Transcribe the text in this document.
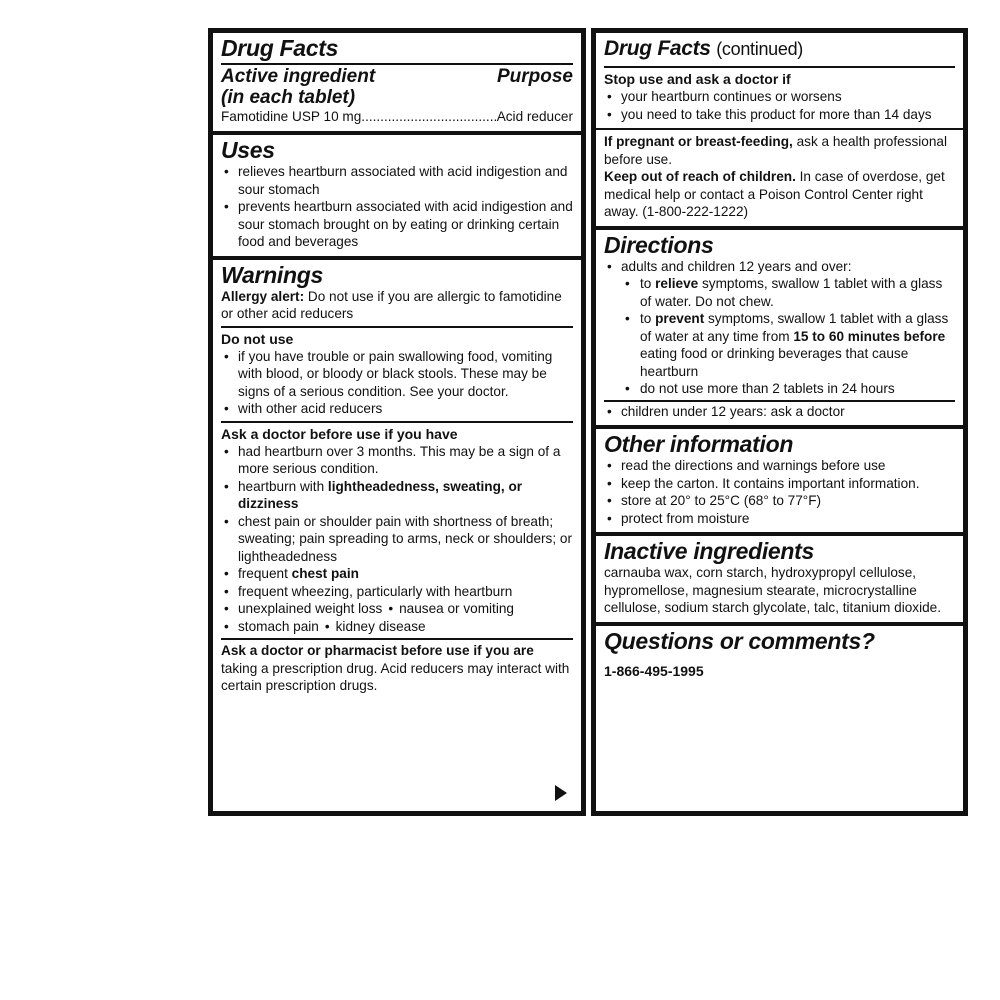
Drug Facts
Active ingredient	Purpose
(in each tablet)
Famotidine USP 10 mg
.....	Acid reducer
Uses
• relieves heartburn associated with acid indigestion and sour stomach
• prevents heartburn associated with acid indigestion and sour stomach brought on by eating or drinking certain food and beverages
Warnings
Allergy alert: Do not use if you are allergic to famotidine or other acid reducers
Do not use
• if you have trouble or pain swallowing food, vomiting with blood, or bloody or black stools. These may be signs of a serious condition. See your doctor.
• with other acid reducers
Ask a doctor before use if you have
• had heartburn over 3 months. This may be a sign of a more serious condition.
• heartburn with lightheadedness, sweating, or dizziness
• chest pain or shoulder pain with shortness of breath; sweating; pain spreading to arms, neck or shoulders; or lightheadedness
• frequent chest pain
• frequent wheezing, particularly with heartburn
• unexplained weight loss • nausea or vomiting
• stomach pain • kidney disease
Ask a doctor or pharmacist before use if you are taking a prescription drug. Acid reducers may interact with certain prescription drugs.
Drug Facts (continued)
Stop use and ask a doctor if
• your heartburn continues or worsens
• you need to take this product for more than 14 days
If pregnant or breast-feeding, ask a health professional before use.
Keep out of reach of children. In case of overdose, get medical help or contact a Poison Control Center right away. (1-800-222-1222)
Directions
• adults and children 12 years and over:
• to relieve symptoms, swallow 1 tablet with a glass of water. Do not chew.
• to prevent symptoms, swallow 1 tablet with a glass of water at any time from 15 to 60 minutes before eating food or drinking beverages that cause heartburn
• do not use more than 2 tablets in 24 hours
• children under 12 years: ask a doctor
Other information
• read the directions and warnings before use
• keep the carton. It contains important information.
• store at 20° to 25°C (68° to 77°F)
• protect from moisture
Inactive ingredients
carnauba wax, corn starch, hydroxypropyl cellulose, hypromellose, magnesium stearate, microcrystalline cellulose, sodium starch glycolate, talc, titanium dioxide.
Questions or comments?
1-866-495-1995
